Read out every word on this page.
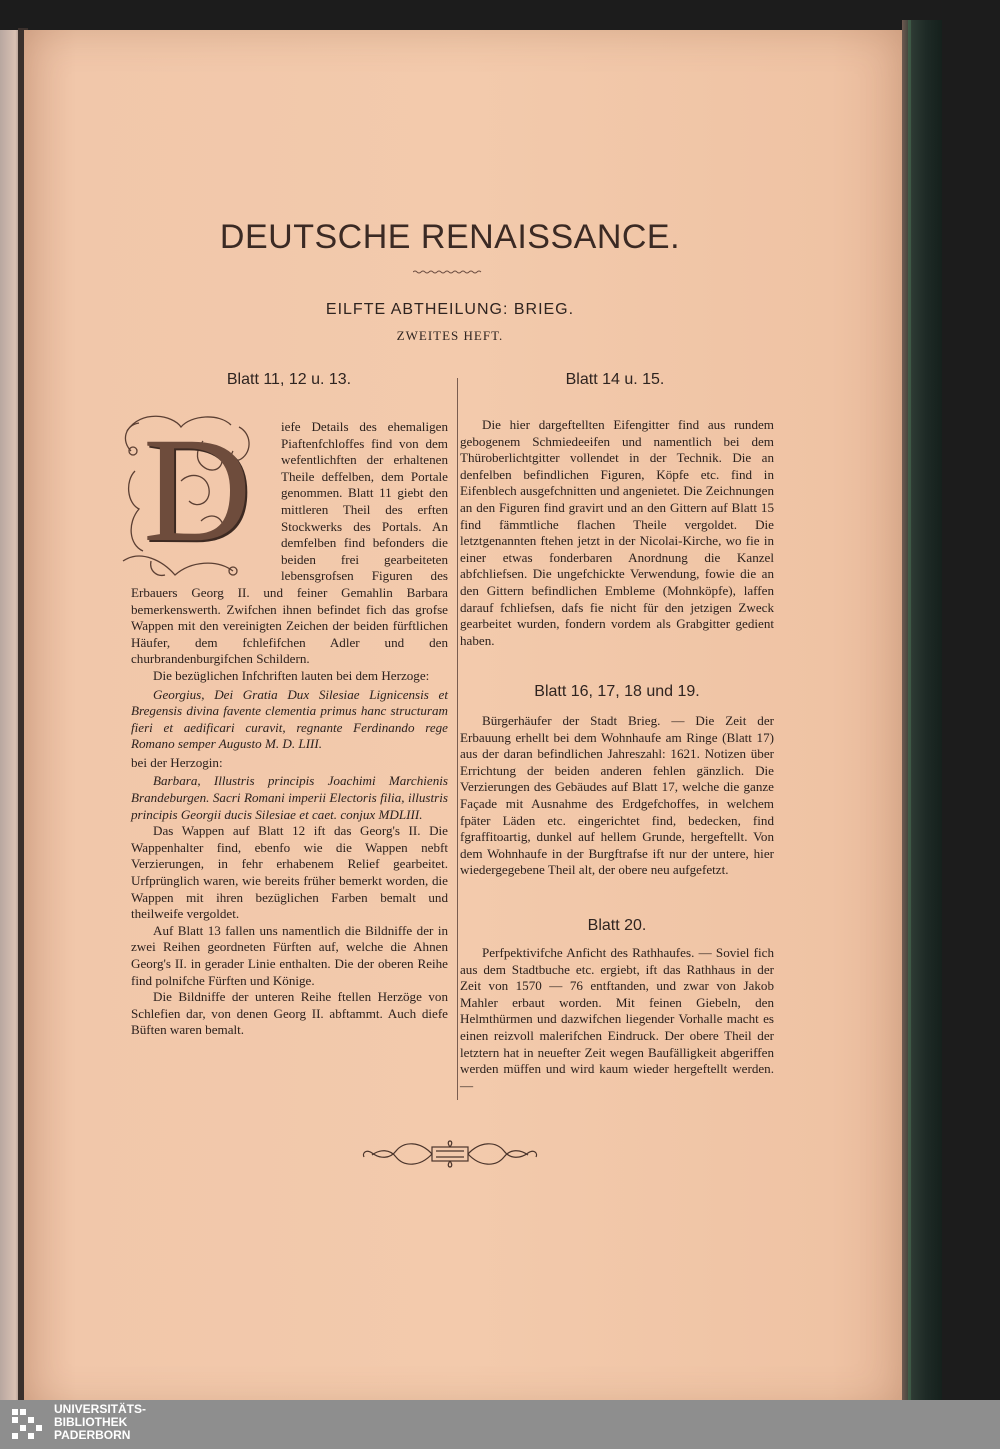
DEUTSCHE RENAISSANCE.
EILFTE ABTHEILUNG: BRIEG.
ZWEITES HEFT.
Blatt 11, 12 u. 13.
D	iefe Details des ehemaligen Piaftenfchloffes find von dem wefentlichften der erhaltenen Theile deffelben, dem Portale genommen. Blatt 11 giebt den mittleren Theil des erften Stockwerks des Portals. An demfelben find befonders die beiden frei gearbeiteten lebensgrofsen Figuren des Erbauers Georg II. und feiner Gemahlin Barbara bemerkenswerth. Zwifchen ihnen befindet fich das grofse Wappen mit den vereinigten Zeichen der beiden fürftlichen Häufer, dem fchlefifchen Adler und den churbrandenburgifchen Schildern.

Die bezüglichen Infchriften lauten bei dem Herzoge:

Georgius, Dei Gratia Dux Silesiae Lignicensis et Bregensis divina favente clementia primus hanc structuram fieri et aedificari curavit, regnante Ferdinando rege Romano semper Augusto M. D. LIII.

bei der Herzogin:

Barbara, Illustris principis Joachimi Marchienis Brandeburgen. Sacri Romani imperii Electoris filia, illustris principis Georgii ducis Silesiae et caet. conjux MDLIII.

Das Wappen auf Blatt 12 ift das Georg's II. Die Wappenhalter find, ebenfo wie die Wappen nebft Verzierungen, in fehr erhabenem Relief gearbeitet. Urfprünglich waren, wie bereits früher bemerkt worden, die Wappen mit ihren bezüglichen Farben bemalt und theilweife vergoldet.

Auf Blatt 13 fallen uns namentlich die Bildniffe der in zwei Reihen geordneten Fürften auf, welche die Ahnen Georg's II. in gerader Linie enthalten. Die der oberen Reihe find polnifche Fürften und Könige.

Die Bildniffe der unteren Reihe ftellen Herzöge von Schlefien dar, von denen Georg II. abftammt. Auch diefe Büften waren bemalt.

Blatt 14 u. 15.

Die hier dargeftellten Eifengitter find aus rundem gebogenem Schmiedeeifen und namentlich bei dem Thüroberlichtgitter vollendet in der Technik. Die an denfelben befindlichen Figuren, Köpfe etc. find in Eifenblech ausgefchnitten und angenietet. Die Zeichnungen an den Figuren find gravirt und an den Gittern auf Blatt 15 find fämmtliche flachen Theile vergoldet. Die letztgenannten ftehen jetzt in der Nicolai-Kirche, wo fie in einer etwas fonderbaren Anordnung die Kanzel abfchliefsen. Die ungefchickte Verwendung, fowie die an den Gittern befindlichen Embleme (Mohnköpfe), laffen darauf fchliefsen, dafs fie nicht für den jetzigen Zweck gearbeitet wurden, fondern vordem als Grabgitter gedient haben.

Blatt 16, 17, 18 und 19.

Bürgerhäufer der Stadt Brieg. — Die Zeit der Erbauung erhellt bei dem Wohnhaufe am Ringe (Blatt 17) aus der daran befindlichen Jahreszahl: 1621. Notizen über Errichtung der beiden anderen fehlen gänzlich. Die Verzierungen des Gebäudes auf Blatt 17, welche die ganze Façade mit Ausnahme des Erdgefchoffes, in welchem fpäter Läden etc. eingerichtet find, bedecken, find fgraffitoartig, dunkel auf hellem Grunde, hergeftellt. Von dem Wohnhaufe in der Burgftrafse ift nur der untere, hier wiedergegebene Theil alt, der obere neu aufgefetzt.

Blatt 20.

Perfpektivifche Anficht des Rathhaufes. — Soviel fich aus dem Stadtbuche etc. ergiebt, ift das Rathhaus in der Zeit von 1570 — 76 entftanden, und zwar von Jakob Mahler erbaut worden. Mit feinen Giebeln, den Helmthürmen und dazwifchen liegender Vorhalle macht es einen reizvoll malerifchen Eindruck. Der obere Theil der letztern hat in neuefter Zeit wegen Baufälligkeit abgeriffen werden müffen und wird kaum wieder hergeftellt werden. —

UNIVERSITÄTS-
BIBLIOTHEK
PADERBORN
